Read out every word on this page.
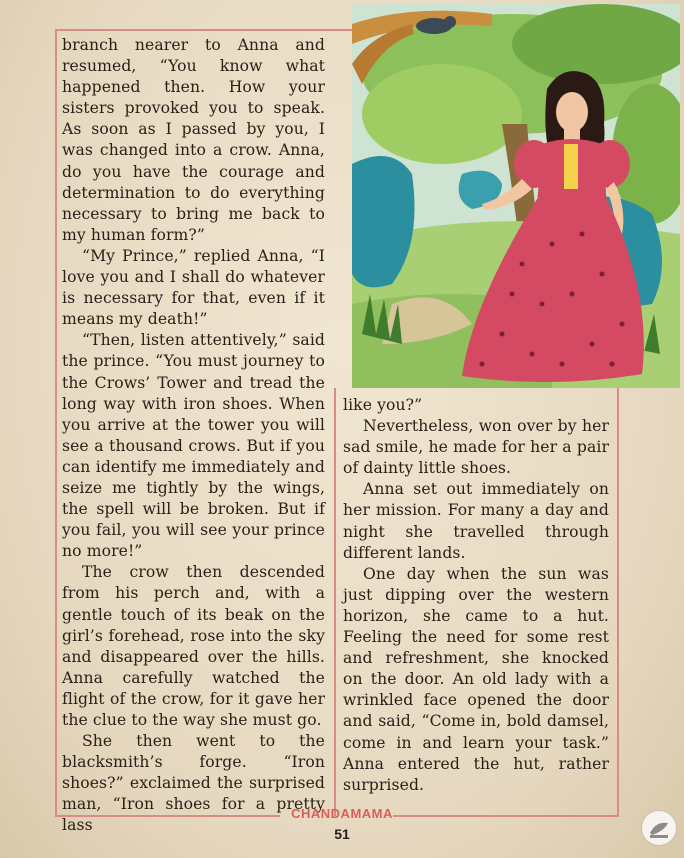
branch nearer to Anna and resumed, “You know what happened then. How your sisters provoked you to speak. As soon as I passed by you, I was changed into a crow. Anna, do you have the courage and determination to do everything necessary to bring me back to my human form?”

“My Prince,” replied Anna, “I love you and I shall do whatever is necessary for that, even if it means my death!”

“Then, listen attentively,” said the prince. “You must journey to the Crows’ Tower and tread the long way with iron shoes. When you arrive at the tower you will see a thousand crows. But if you can identify me immediately and seize me tightly by the wings, the spell will be broken. But if you fail, you will see your prince no more!”

The crow then descended from his perch and, with a gentle touch of its beak on the girl’s forehead, rose into the sky and disappeared over the hills. Anna carefully watched the flight of the crow, for it gave her the clue to the way she must go.

She then went to the blacksmith’s forge. “Iron shoes?” exclaimed the surprised man, “Iron shoes for a pretty lass

like you?”

Nevertheless, won over by her sad smile, he made for her a pair of dainty little shoes.

Anna set out immediately on her mission. For many a day and night she travelled through different lands.

One day when the sun was just dipping over the western horizon, she came to a hut. Feeling the need for some rest and refreshment, she knocked on the door. An old lady with a wrinkled face opened the door and said, “Come in, bold damsel, come in and learn your task.” Anna entered the hut, rather surprised.

CHANDAMAMA
51
